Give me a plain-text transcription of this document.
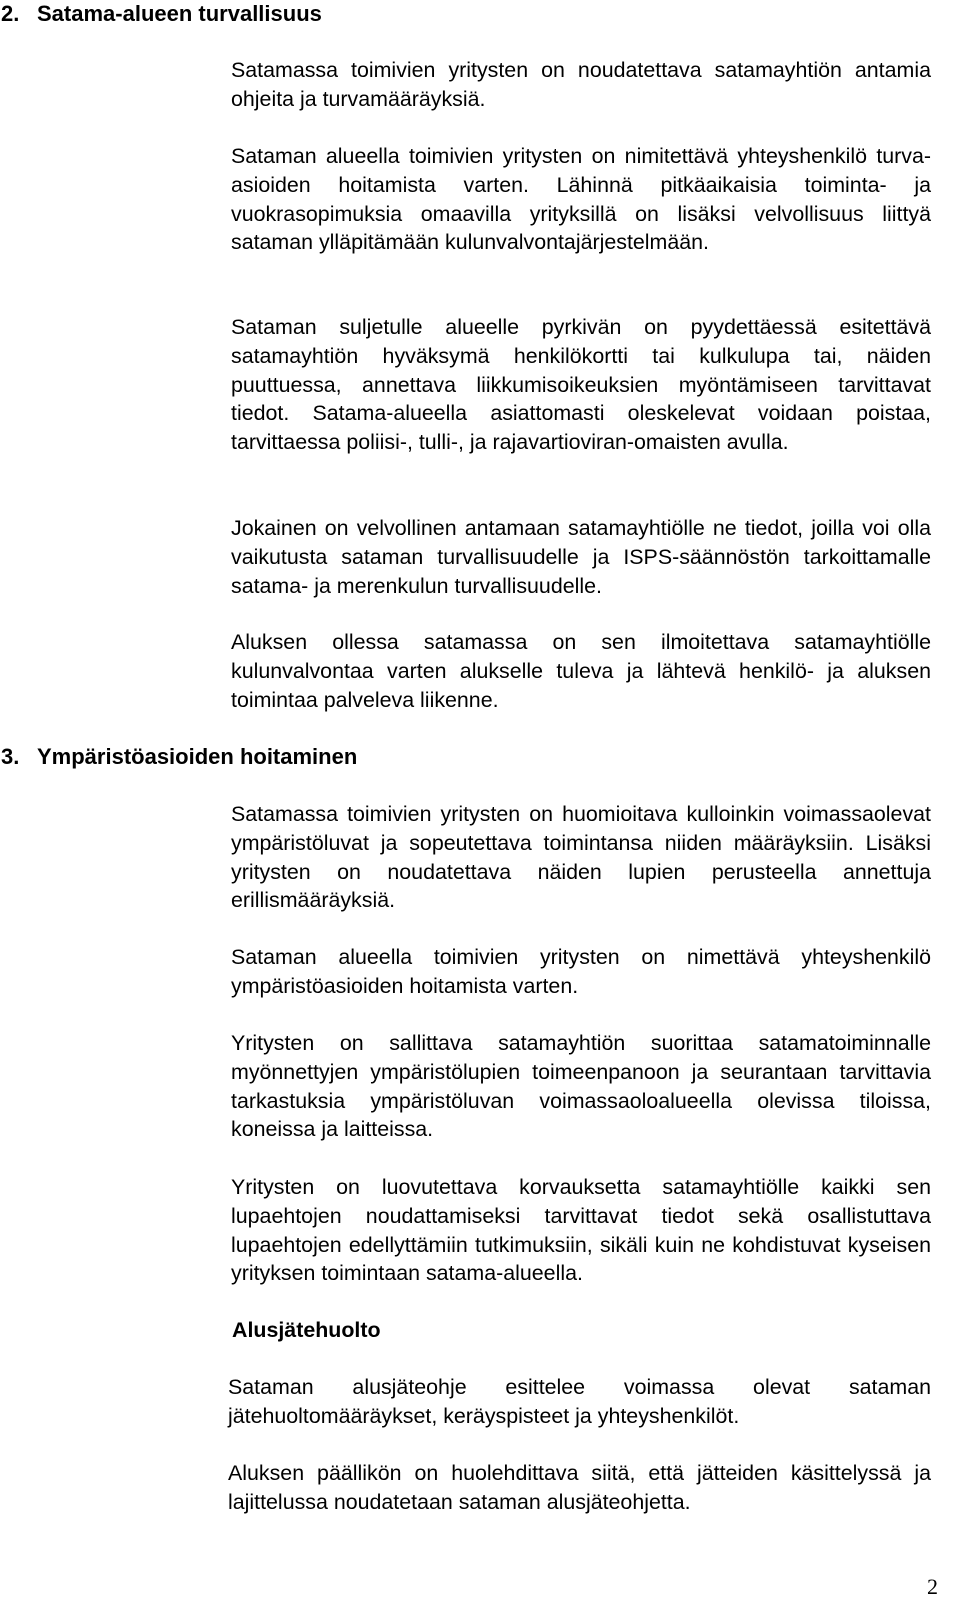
2. Satama-alueen turvallisuus

Satamassa toimivien yritysten on noudatettava satamayhtiön antamia ohjeita ja turvamääräyksiä.

Sataman alueella toimivien yritysten on nimitettävä yhteyshenkilö turva-asioiden hoitamista varten. Lähinnä pitkäaikaisia toiminta- ja vuokrasopimuksia omaavilla yrityksillä on lisäksi velvollisuus liittyä sataman ylläpitämään kulunvalvontajärjestelmään.

Sataman suljetulle alueelle pyrkivän on pyydettäessä esitettävä satamayhtiön hyväksymä henkilökortti tai kulkulupa tai, näiden puuttuessa, annettava liikkumisoikeuksien myöntämiseen tarvittavat tiedot. Satama-alueella asiattomasti oleskelevat voidaan poistaa, tarvittaessa poliisi-, tulli-, ja rajavartioviran-omaisten avulla.

Jokainen on velvollinen antamaan satamayhtiölle ne tiedot, joilla voi olla vaikutusta sataman turvallisuudelle ja ISPS-säännöstön tarkoittamalle satama- ja merenkulun turvallisuudelle.

Aluksen ollessa satamassa on sen ilmoitettava satamayhtiölle kulunvalvontaa varten alukselle tuleva ja lähtevä henkilö- ja aluksen toimintaa palveleva liikenne.

3. Ympäristöasioiden hoitaminen

Satamassa toimivien yritysten on huomioitava kulloinkin voimassaolevat ympäristöluvat ja sopeutettava toimintansa niiden määräyksiin. Lisäksi yritysten on noudatettava näiden lupien perusteella annettuja erillismääräyksiä.

Sataman alueella toimivien yritysten on nimettävä yhteyshenkilö ympäristöasioiden hoitamista varten.

Yritysten on sallittava satamayhtiön suorittaa satamatoiminnalle myönnettyjen ympäristölupien toimeenpanoon ja seurantaan tarvittavia tarkastuksia ympäristöluvan voimassaoloalueella olevissa tiloissa, koneissa ja laitteissa.

Yritysten on luovutettava korvauksetta satamayhtiölle kaikki sen lupaehtojen noudattamiseksi tarvittavat tiedot sekä osallistuttava lupaehtojen edellyttämiin tutkimuksiin, sikäli kuin ne kohdistuvat kyseisen yrityksen toimintaan satama-alueella.

Alusjätehuolto

Sataman alusjäteohje esittelee voimassa olevat sataman jätehuoltomääräykset, keräyspisteet ja yhteyshenkilöt.

Aluksen päällikön on huolehdittava siitä, että jätteiden käsittelyssä ja lajittelussa noudatetaan sataman alusjäteohjetta.

2
